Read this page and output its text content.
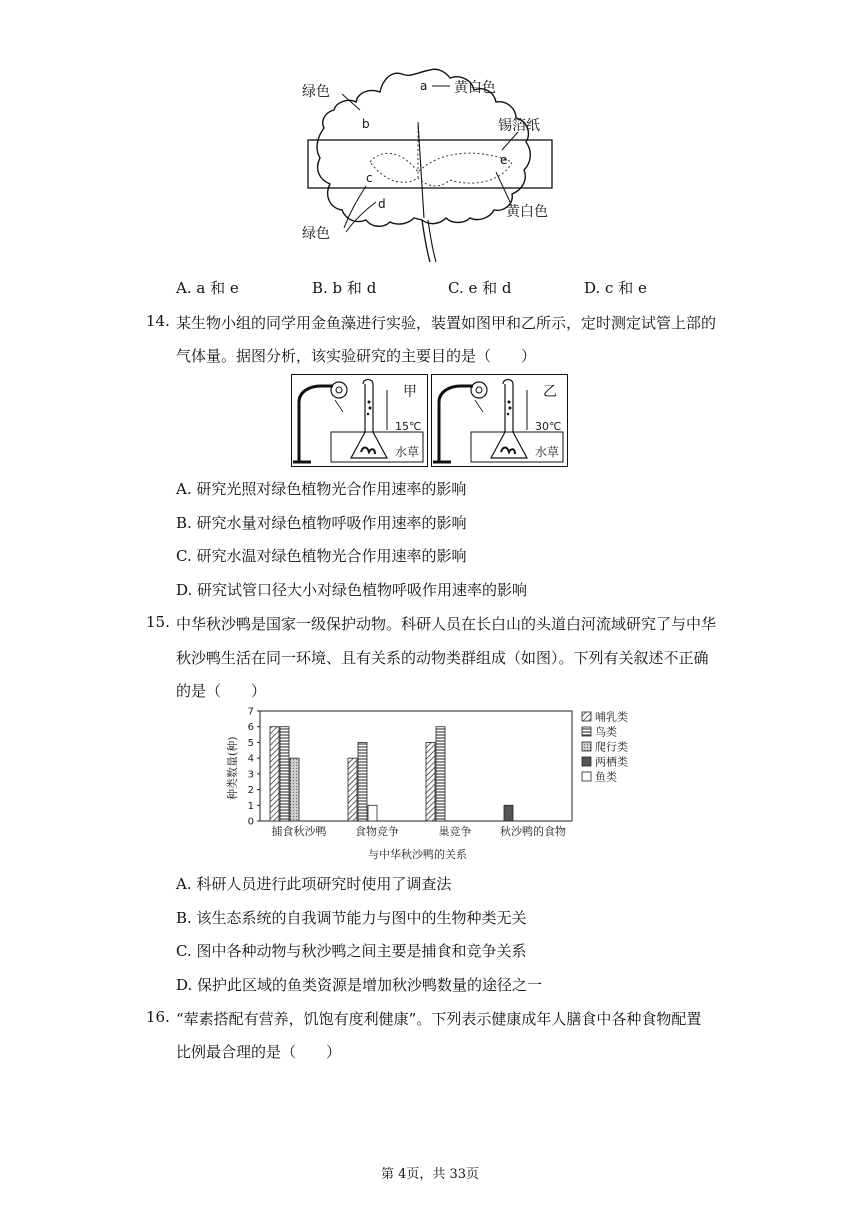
绿色	a 黄白色
锡箔纸
b
e
c
d	黄白色
绿色
A. a 和 e	B. b 和 d	C. e 和 d	D. c 和 e
14. 某生物小组的同学用金鱼藻进行实验，装置如图甲和乙所示，定时测定试管上部的
气体量。据图分析，该实验研究的主要目的是（　　）
甲
15℃
水草
乙
30℃
水草
A. 研究光照对绿色植物光合作用速率的影响
B. 研究水量对绿色植物呼吸作用速率的影响
C. 研究水温对绿色植物光合作用速率的影响
D. 研究试管口径大小对绿色植物呼吸作用速率的影响
15. 中华秋沙鸭是国家一级保护动物。科研人员在长白山的头道白河流域研究了与中华
秋沙鸭生活在同一环境、且有关系的动物类群组成（如图）。下列有关叙述不正确
的是（　　）
0
1
2
3
4
5
6
7
捕食秋沙鸭	食物竞争	巢竞争	秋沙鸭的食物
哺乳类
鸟类
爬行类
两栖类
鱼类
种类数量(种)
与中华秋沙鸭的关系
A. 科研人员进行此项研究时使用了调查法
B. 该生态系统的自我调节能力与图中的生物种类无关
C. 图中各种动物与秋沙鸭之间主要是捕食和竞争关系
D. 保护此区域的鱼类资源是增加秋沙鸭数量的途径之一
16. “荤素搭配有营养，饥饱有度利健康”。下列表示健康成年人膳食中各种食物配置
比例最合理的是（　　）
第 4页，共 33页
